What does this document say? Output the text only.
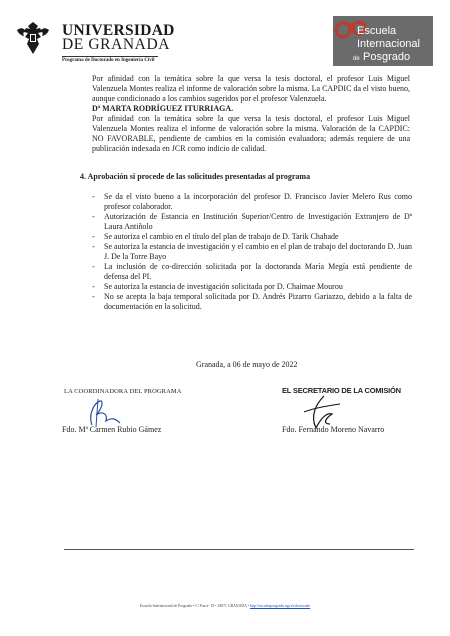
UNIVERSIDAD
DE GRANADA
Programa de Doctorado en Ingeniería Civil
Escuela
Internacional
de Posgrado

Por afinidad con la temática sobre la que versa la tesis doctoral, el profesor Luis Miguel Valenzuela Montes realiza el informe de valoración sobre la misma. La CAPDIC da el visto bueno, aunque condicionado a los cambios sugeridos por el profesor Valenzuela.

Dª MARTA RODRÍGUEZ ITURRIAGA.

Por afinidad con la temática sobre la que versa la tesis doctoral, el profesor Luis Miguel Valenzuela Montes realiza el informe de valoración sobre la misma. Valoración de la CAPDIC: NO FAVORABLE, pendiente de cambios en la comisión evaluadora; además requiere de una publicación indexada en JCR como indicio de calidad.

4. Aprobación si procede de las solicitudes presentadas al programa
- Se da el visto bueno a la incorporación del profesor D. Francisco Javier Melero Rus como profesor colaborador.
- Autorización de Estancia en Institución Superior/Centro de Investigación Extranjero de Dª Laura Antiñolo
- Se autoriza el cambio en el título del plan de trabajo de D. Tarik Chahade
- Se autoriza la estancia de investigación y el cambio en el plan de trabajo del doctorando D. Juan J. De la Torre Bayo
- La inclusión de co-dirección solicitada por la doctoranda María Megía está pendiente de defensa del PI.
- Se autoriza la estancia de investigación solicitada por D. Chaimae Mourou
- No se acepta la baja temporal solicitada por D. Andrés Pizarro Gariazzo, debido a la falta de documentación en la solicitud.
Granada, a 06 de mayo de 2022
LA COORDINADORA DEL PROGRAMA	EL SECRETARIO DE LA COMISIÓN
Fdo. Mª Carmen Rubio Gámez	Fdo. Fernando Moreno Navarro
Escuela Internacional de Posgrado • C/ Paz nº 18 • 18071 GRANADA • http://escuelaposgrado.ugr.es/doctorado
